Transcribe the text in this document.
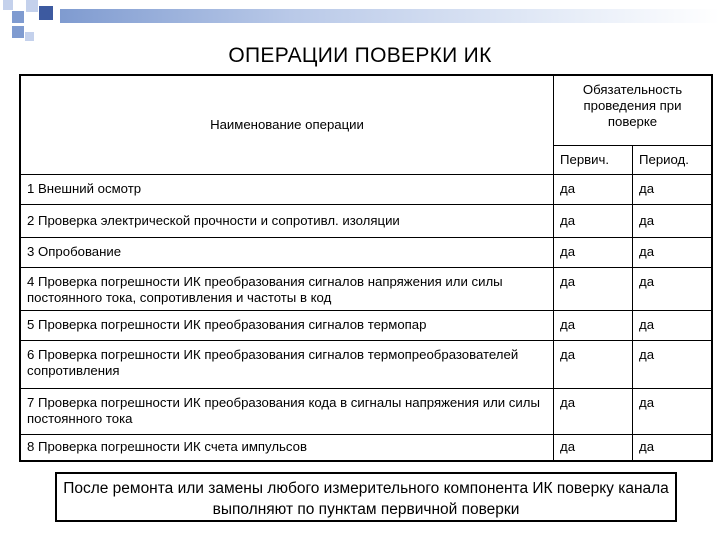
ОПЕРАЦИИ ПОВЕРКИ ИК
Наименование операции	Обязательность проведения при поверке	
	Первич.	Период.
1 Внешний осмотр	да	да
2 Проверка электрической прочности и сопротивл. изоляции	да	да
3 Опробование	да	да
4 Проверка погрешности ИК преобразования сигналов напряжения или силы постоянного тока, сопротивления и частоты в код	да	да
5 Проверка погрешности ИК преобразования сигналов термопар	да	да
6 Проверка погрешности ИК преобразования сигналов термопреобразователей сопротивления	да	да
7 Проверка погрешности ИК преобразования кода в сигналы напряжения или силы постоянного тока	да	да
8 Проверка погрешности ИК счета импульсов	да	да
После ремонта или замены любого измерительного компонента ИК поверку канала выполняют по пунктам первичной поверки
